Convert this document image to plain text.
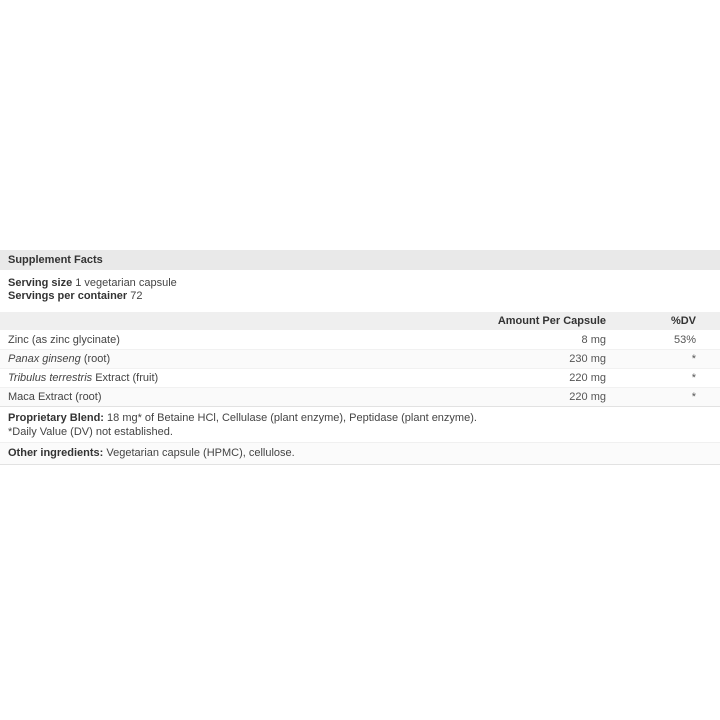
Supplement Facts

Serving size 1 vegetarian capsule

Servings per container 72

Amount Per Capsule	%DV
Zinc (as zinc glycinate)	8 mg	53%
Panax ginseng (root)	230 mg	*
Tribulus terrestris Extract (fruit)	220 mg	*
Maca Extract (root)	220 mg	*

Proprietary Blend: 18 mg* of Betaine HCl, Cellulase (plant enzyme), Peptidase (plant enzyme).

*Daily Value (DV) not established.

Other ingredients: Vegetarian capsule (HPMC), cellulose.
